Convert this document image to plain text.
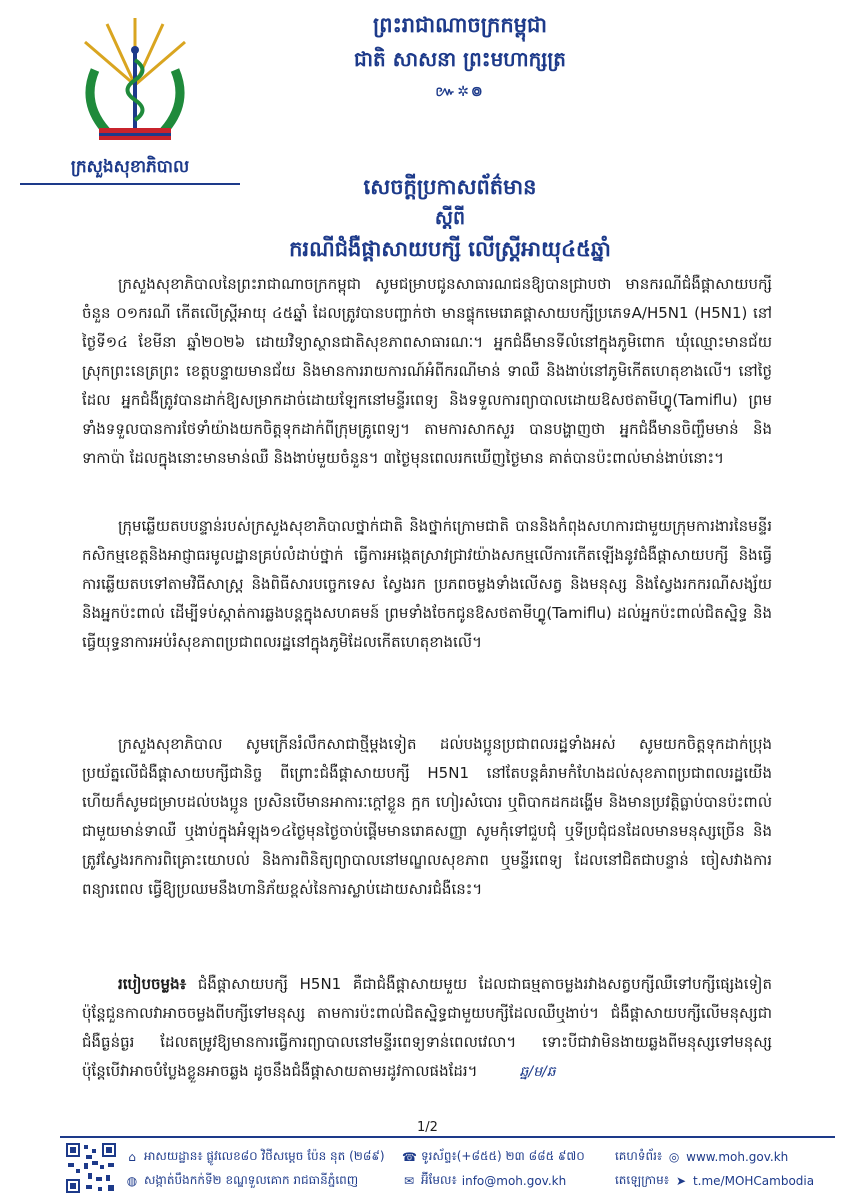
ក្រសួងសុខាភិបាល
ព្រះរាជាណាចក្រកម្ពុជា
ជាតិ សាសនា ព្រះមហាក្សត្រ
៚✲៙
សេចក្តីប្រកាសព័ត៌មាន
ស្តីពី
ករណីជំងឺផ្តាសាយបក្សី លើស្ត្រីអាយុ៤៥ឆ្នាំ
ក្រសួងសុខាភិបាលនៃព្រះរាជាណាចក្រកម្ពុជា សូមជម្រាបជូនសាធារណជនឱ្យបានជ្រាបថា មានករណីជំងឺផ្តាសាយបក្សី ចំនួន ០១ករណី កើតលើស្ត្រីអាយុ ៤៥ឆ្នាំ ដែលត្រូវបានបញ្ជាក់ថា មានផ្ទុកមេរោគផ្តាសាយបក្សីប្រភេទA/H5N1 (H5N1) នៅថ្ងៃទី១៤ ខែមីនា ឆ្នាំ២០២៦ ដោយវិទ្យាស្ថានជាតិសុខភាពសាធារណៈ។ អ្នកជំងឺមានទីលំនៅក្នុងភូមិពោក ឃុំឈ្មោះមានជ័យ ស្រុកព្រះនេត្រព្រះ ខេត្តបន្ទាយមានជ័យ និងមានការរាយការណ៍អំពីករណីមាន់ ទាឈឺ និងងាប់នៅភូមិកើតហេតុខាងលើ។ នៅថ្ងៃដែល អ្នកជំងឺត្រូវបានដាក់ឱ្យសម្រាកដាច់ដោយឡែកនៅមន្ទីរពេទ្យ និងទទួលការព្យាបាលដោយឱសថតាមីហ្វ្លូ(Tamiflu) ព្រមទាំងទទួលបានការថែទាំយ៉ាងយកចិត្តទុកដាក់ពីក្រុមគ្រូពេទ្យ។ តាមការសាកសួរ បានបង្ហាញថា អ្នកជំងឺមានចិញ្ចឹមមាន់ និងទាកាប៉ា ដែលក្នុងនោះមានមាន់ឈឺ និងងាប់មួយចំនួន។ ៣ថ្ងៃមុនពេលរកឃើញថ្ងៃមាន គាត់បានប៉ះពាល់មាន់ងាប់នោះ។
ក្រុមឆ្លើយតបបន្ទាន់របស់ក្រសួងសុខាភិបាលថ្នាក់ជាតិ និងថ្នាក់ក្រោមជាតិ បាននិងកំពុងសហការជាមួយក្រុមការងារនៃមន្ទីរកសិកម្មខេត្តនិងអាជ្ញាធរមូលដ្ឋានគ្រប់លំដាប់ថ្នាក់ ធ្វើការអង្កេតស្រាវជ្រាវយ៉ាងសកម្មលើការកើតឡើងនូវជំងឺផ្តាសាយបក្សី និងធ្វើការឆ្លើយតបទៅតាមវិធីសាស្ត្រ និងពិធីសារបច្ចេកទេស ស្វែងរក ប្រភពចម្លងទាំងលើសត្វ និងមនុស្ស និងស្វែងរកករណីសង្ស័យនិងអ្នកប៉ះពាល់ ដើម្បីទប់ស្កាត់ការឆ្លងបន្តក្នុងសហគមន៍ ព្រមទាំងចែកជូនឱសថតាមីហ្វ្លូ(Tamiflu) ដល់អ្នកប៉ះពាល់ជិតស្និទ្ធ និងធ្វើយុទ្ធនាការអប់រំសុខភាពប្រជាពលរដ្ឋនៅក្នុងភូមិដែលកើតហេតុខាងលើ។
ក្រសួងសុខាភិបាល សូមក្រើនរំលឹកសាជាថ្មីម្តងទៀត ដល់បងប្អូនប្រជាពលរដ្ឋទាំងអស់ សូមយកចិត្តទុកដាក់ប្រុងប្រយ័ត្នលើជំងឺផ្តាសាយបក្សីជានិច្ច ពីព្រោះជំងឺផ្តាសាយបក្សី H5N1 នៅតែបន្តគំរាមកំហែងដល់សុខភាពប្រជាពលរដ្ឋយើង ហើយក៏សូមជម្រាបដល់បងប្អូន ប្រសិនបើមានអាការៈក្តៅខ្លួន ក្អក ហៀរសំបោរ ឬពិបាកដកដង្ហើម និងមានប្រវត្តិធ្លាប់បានប៉ះពាល់ជាមួយមាន់ទាឈឺ ឬងាប់ក្នុងអំឡុង១៤ថ្ងៃមុនថ្ងៃចាប់ផ្តើមមានរោគសញ្ញា សូមកុំទៅជួបជុំ ឬទីប្រជុំជនដែលមានមនុស្សច្រើន និងត្រូវស្វែងរកការពិគ្រោះយោបល់ និងការពិនិត្យព្យាបាលនៅមណ្ឌលសុខភាព ឬមន្ទីរពេទ្យ ដែលនៅជិតជាបន្ទាន់ ចៀសវាងការពន្យារពេល ធ្វើឱ្យប្រឈមនឹងហានិភ័យខ្ពស់នៃការស្លាប់ដោយសារជំងឺនេះ។
របៀបចម្លង៖ ជំងឺផ្តាសាយបក្សី H5N1 គឺជាជំងឺផ្តាសាយមួយ ដែលជាធម្មតាចម្លងរវាងសត្វបក្សីឈឺទៅបក្សីផ្សេងទៀត ប៉ុន្តែជួនកាលវាអាចចម្លងពីបក្សីទៅមនុស្ស តាមការប៉ះពាល់ជិតស្និទ្ធជាមួយបក្សីដែលឈឺឬងាប់។ ជំងឺផ្តាសាយបក្សីលើមនុស្សជាជំងឺធ្ងន់ធ្ងរ ដែលតម្រូវឱ្យមានការធ្វើការព្យាបាលនៅមន្ទីរពេទ្យទាន់ពេលវេលា។ ទោះបីជាវាមិនងាយឆ្លងពីមនុស្សទៅមនុស្ស ប៉ុន្តែបើវាអាចបំប្លែងខ្លួនអាចឆ្លង ដូចនឹងជំងឺផ្តាសាយតាមរដូវកាលផងដែរ។	ឆ្ន/ម/ឆ
1/2
⌂ អាសយដ្ឋាន៖ ផ្លូវលេខ៨០ វិថីសម្តេច ប៉ែន នុត (២៨៩)
◍ សង្កាត់បឹងកក់ទី២ ខណ្ឌទួលគោក រាជធានីភ្នំពេញ
☎ ទូរស័ព្ទ៖(+៨៥៥) ២៣ ៨៨៥ ៩៧០
✉ អ៊ីមែល៖ info@moh.gov.kh
គេហទំព័រ៖ ◎ www.moh.gov.kh
តេឡេក្រាម៖ ➤ t.me/MOHCambodia
